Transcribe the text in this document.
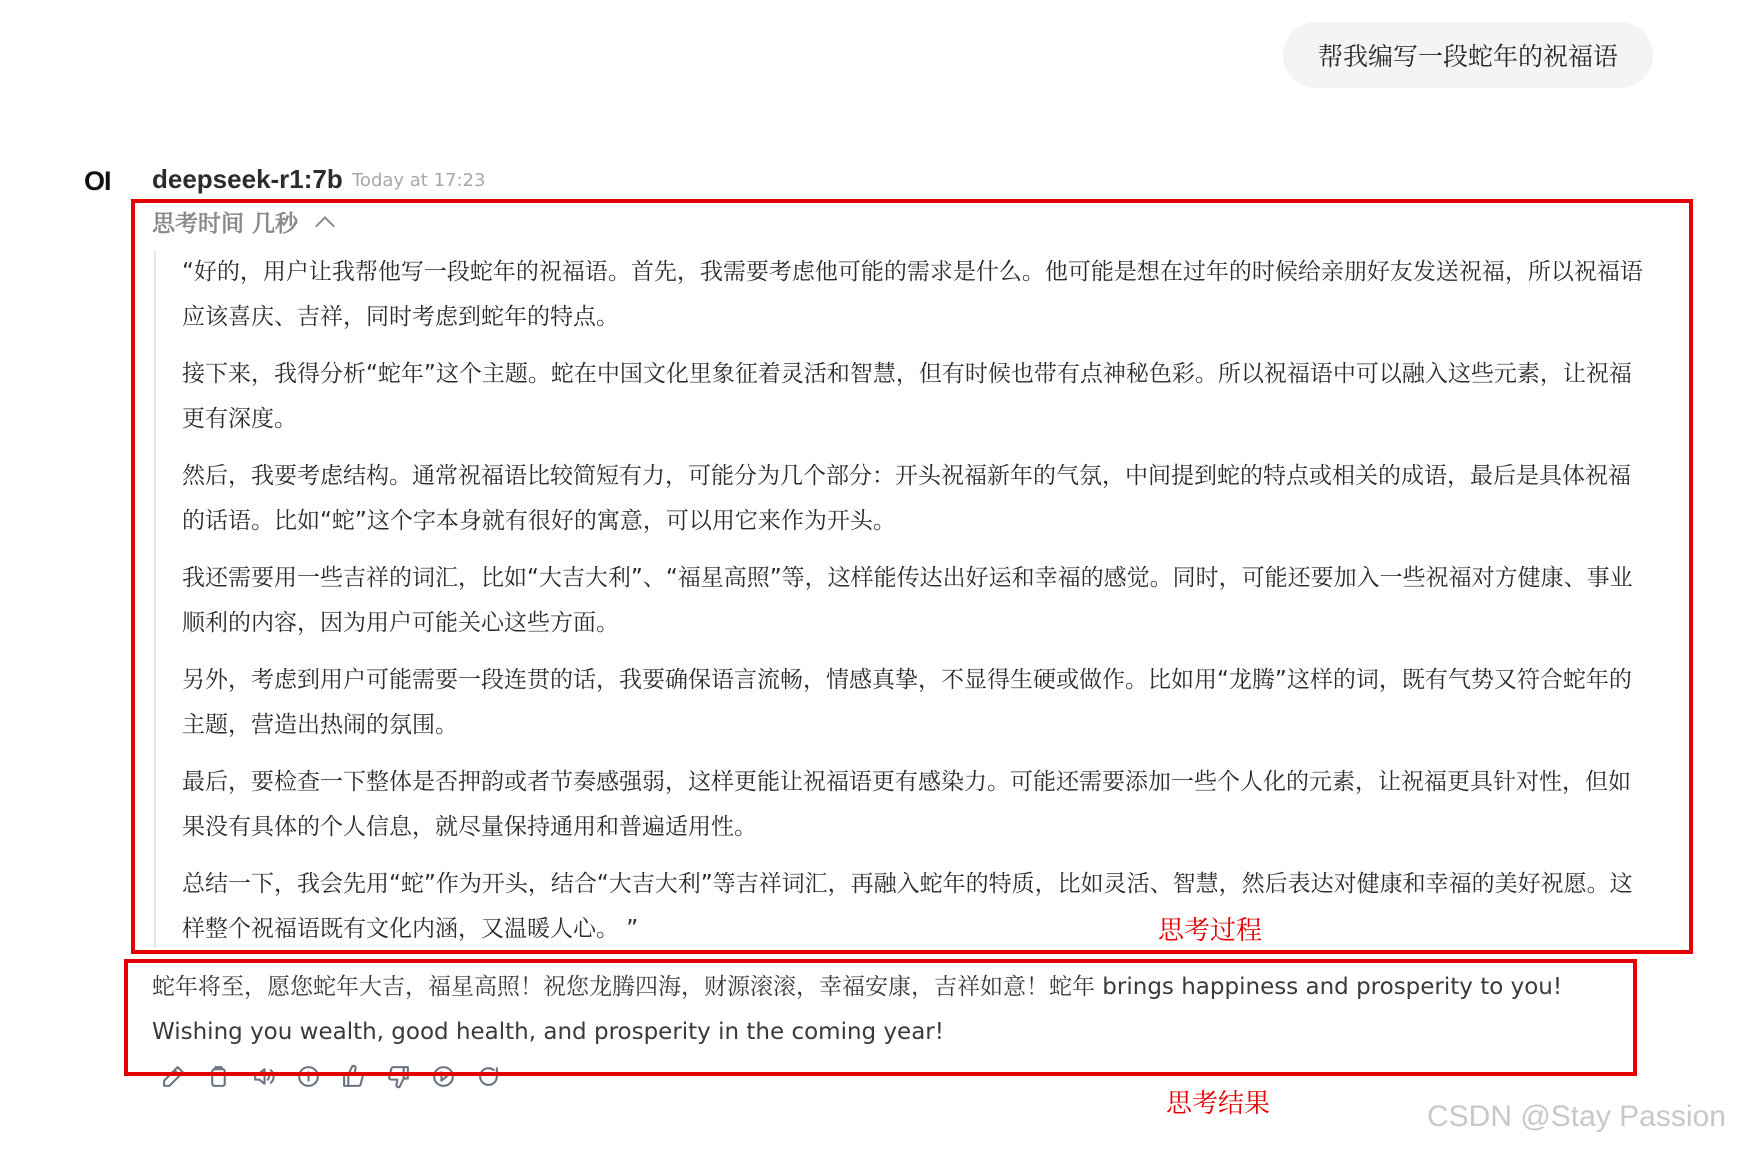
帮我编写一段蛇年的祝福语
OI deepseek-r1:7b Today at 17:23
思考时间 几秒

“好的，用户让我帮他写一段蛇年的祝福语。首先，我需要考虑他可能的需求是什么。他可能是想在过年的时候给亲朋好友发送祝福，所以祝福语应该喜庆、吉祥，同时考虑到蛇年的特点。

接下来，我得分析“蛇年”这个主题。蛇在中国文化里象征着灵活和智慧，但有时候也带有点神秘色彩。所以祝福语中可以融入这些元素，让祝福更有深度。

然后，我要考虑结构。通常祝福语比较简短有力，可能分为几个部分：开头祝福新年的气氛，中间提到蛇的特点或相关的成语，最后是具体祝福的话语。比如“蛇”这个字本身就有很好的寓意，可以用它来作为开头。

我还需要用一些吉祥的词汇，比如“大吉大利”、“福星高照”等，这样能传达出好运和幸福的感觉。同时，可能还要加入一些祝福对方健康、事业顺利的内容，因为用户可能关心这些方面。

另外，考虑到用户可能需要一段连贯的话，我要确保语言流畅，情感真挚，不显得生硬或做作。比如用“龙腾”这样的词，既有气势又符合蛇年的主题，营造出热闹的氛围。

最后，要检查一下整体是否押韵或者节奏感强弱，这样更能让祝福语更有感染力。可能还需要添加一些个人化的元素，让祝福更具针对性，但如果没有具体的个人信息，就尽量保持通用和普遍适用性。

总结一下，我会先用“蛇”作为开头，结合“大吉大利”等吉祥词汇，再融入蛇年的特质，比如灵活、智慧，然后表达对健康和幸福的美好祝愿。这样整个祝福语既有文化内涵，又温暖人心。 ”

蛇年将至，愿您蛇年大吉，福星高照！祝您龙腾四海，财源滚滚，幸福安康，吉祥如意！蛇年 brings happiness and prosperity to you! Wishing you wealth, good health, and prosperity in the coming year!
思考过程
思考结果	CSDN @Stay Passion
